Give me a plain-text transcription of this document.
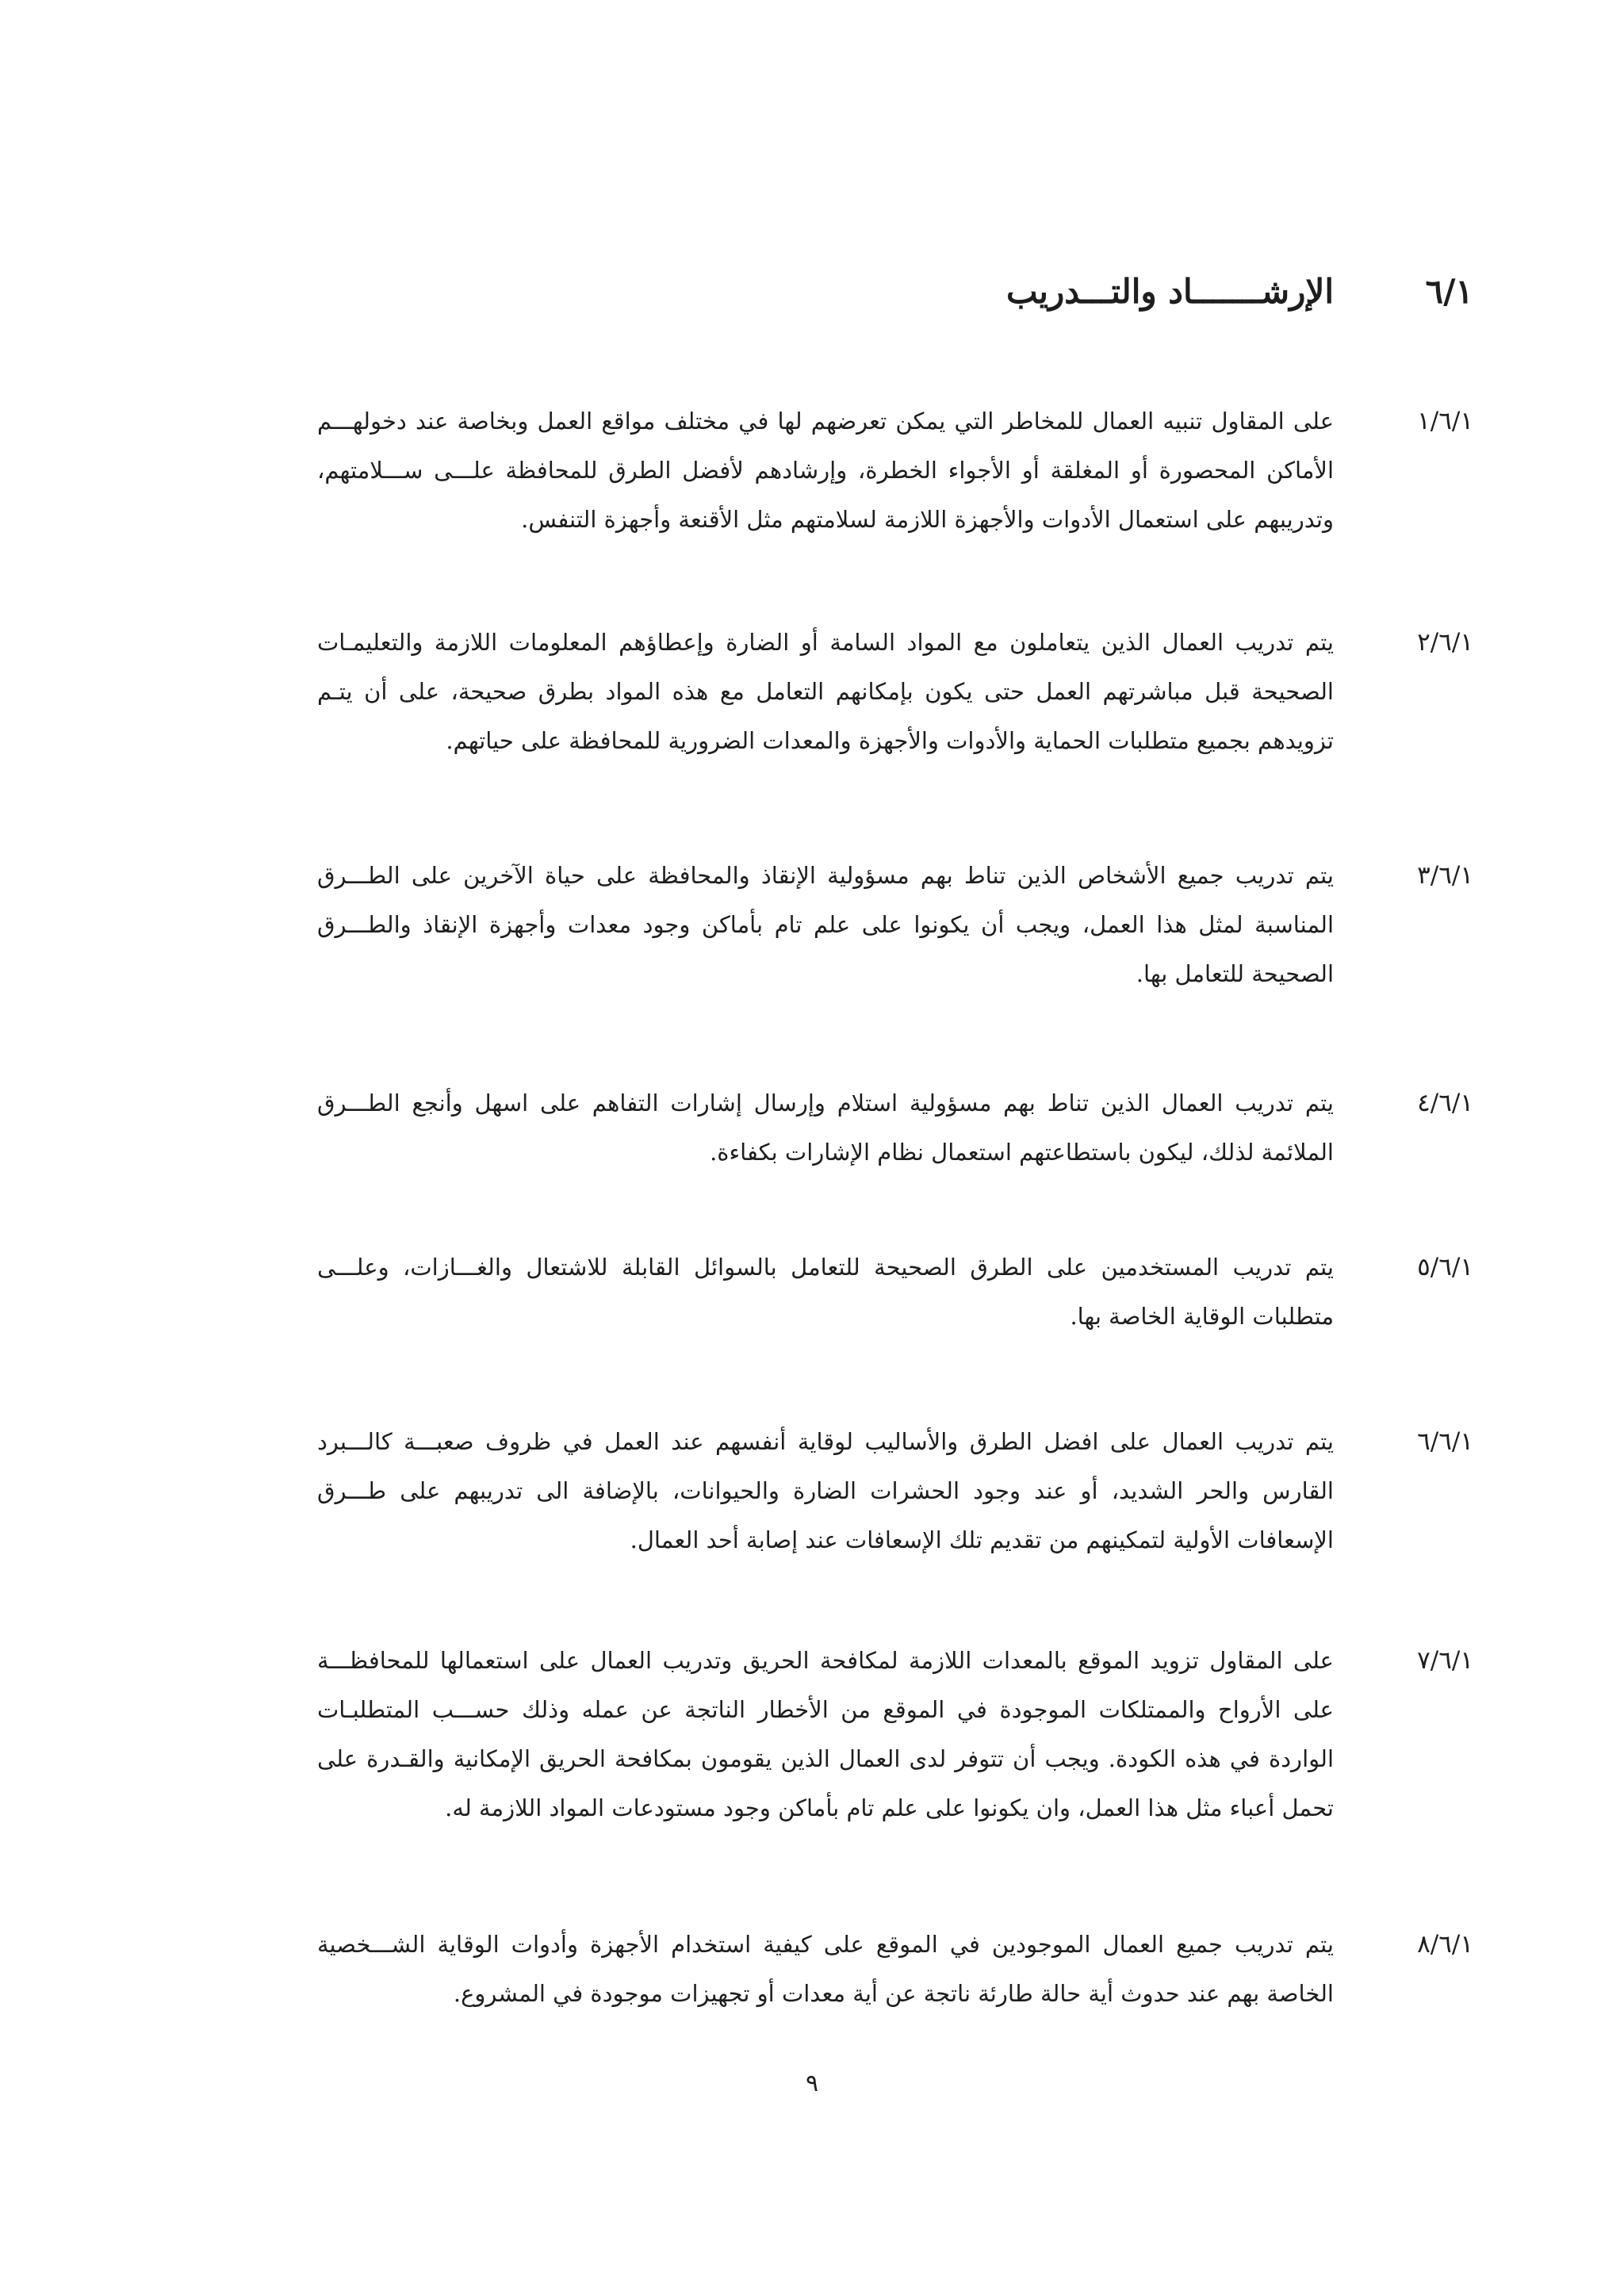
٦/١
الإرشـــــــاد والتـــدريب
١/٦/١

على المقاول تنبيه العمال للمخاطر التي يمكن تعرضهم لها في مختلف مواقع العمل وبخاصة عند دخولهـــم الأماكن المحصورة أو المغلقة أو الأجواء الخطرة، وإرشادهم لأفضل الطرق للمحافظة علـــى ســـلامتهم، وتدريبهم على استعمال الأدوات والأجهزة اللازمة لسلامتهم مثل الأقنعة وأجهزة التنفس.

٢/٦/١

يتم تدريب العمال الذين يتعاملون مع المواد السامة أو الضارة وإعطاؤهم المعلومات اللازمة والتعليمـات الصحيحة قبل مباشرتهم العمل حتى يكون بإمكانهم التعامل مع هذه المواد بطرق صحيحة، على أن يتـم تزويدهم بجميع متطلبات الحماية والأدوات والأجهزة والمعدات الضرورية للمحافظة على حياتهم.

٣/٦/١

يتم تدريب جميع الأشخاص الذين تناط بهم مسؤولية الإنقاذ والمحافظة على حياة الآخرين على الطـــرق المناسبة لمثل هذا العمل، ويجب أن يكونوا على علم تام بأماكن وجود معدات وأجهزة الإنقاذ والطـــرق الصحيحة للتعامل بها.

٤/٦/١

يتم تدريب العمال الذين تناط بهم مسؤولية استلام وإرسال إشارات التفاهم على اسهل وأنجع الطـــرق الملائمة لذلك، ليكون باستطاعتهم استعمال نظام الإشارات بكفاءة.

٥/٦/١

يتم تدريب المستخدمين على الطرق الصحيحة للتعامل بالسوائل القابلة للاشتعال والغـــازات، وعلـــى متطلبات الوقاية الخاصة بها.

٦/٦/١

يتم تدريب العمال على افضل الطرق والأساليب لوقاية أنفسهم عند العمل في ظروف صعبـــة كالـــبرد القارس والحر الشديد، أو عند وجود الحشرات الضارة والحيوانات، بالإضافة الى تدريبهم على طـــرق الإسعافات الأولية لتمكينهم من تقديم تلك الإسعافات عند إصابة أحد العمال.

٧/٦/١

على المقاول تزويد الموقع بالمعدات اللازمة لمكافحة الحريق وتدريب العمال على استعمالها للمحافظـــة على الأرواح والممتلكات الموجودة في الموقع من الأخطار الناتجة عن عمله وذلك حســـب المتطلبـات الواردة في هذه الكودة. ويجب أن تتوفر لدى العمال الذين يقومون بمكافحة الحريق الإمكانية والقـدرة على تحمل أعباء مثل هذا العمل، وان يكونوا على علم تام بأماكن وجود مستودعات المواد اللازمة له.

٨/٦/١

يتم تدريب جميع العمال الموجودين في الموقع على كيفية استخدام الأجهزة وأدوات الوقاية الشـــخصية الخاصة بهم عند حدوث أية حالة طارئة ناتجة عن أية معدات أو تجهيزات موجودة في المشروع.

٩
